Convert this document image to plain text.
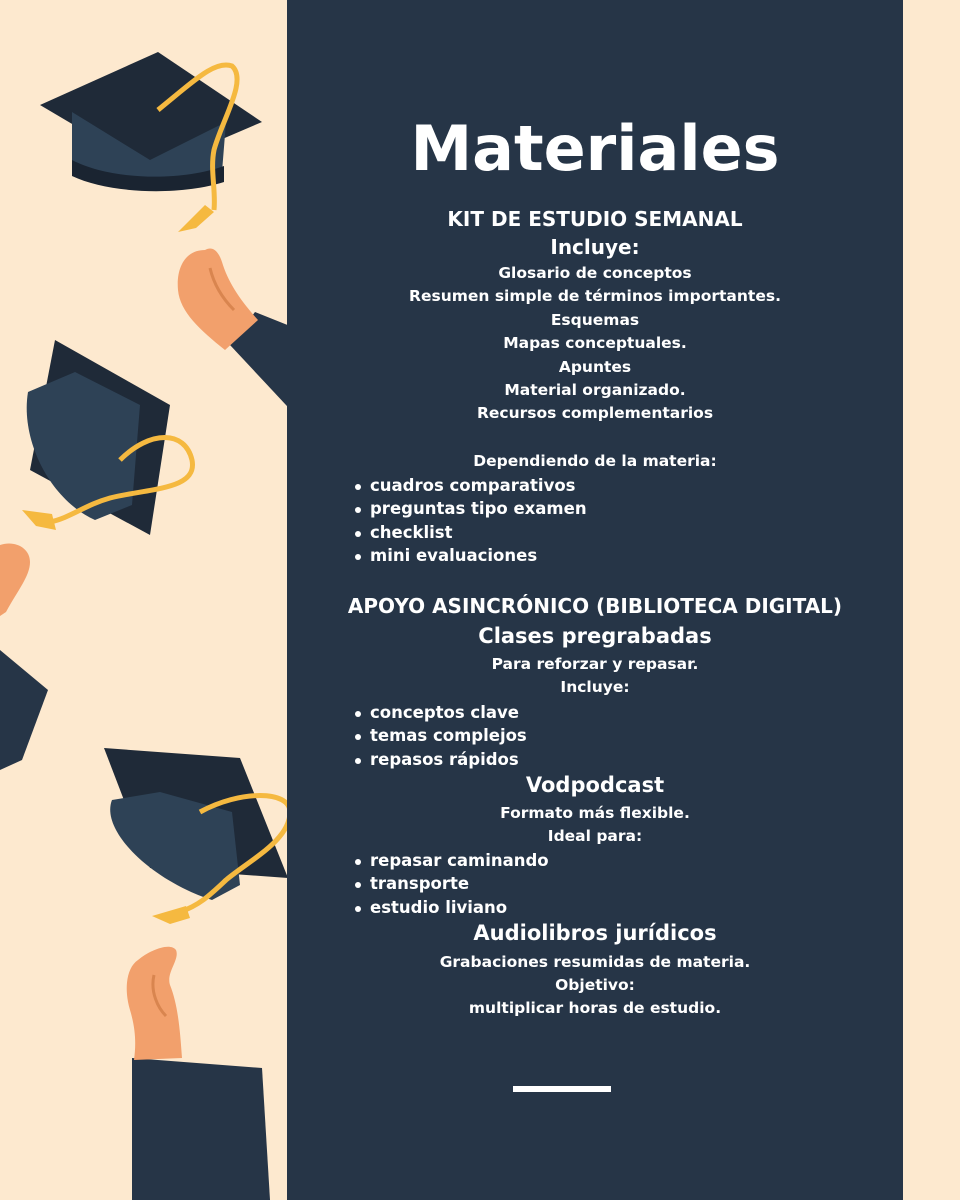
Materiales
KIT DE ESTUDIO SEMANAL
Incluye:
Glosario de conceptos
Resumen simple de términos importantes.
Esquemas
Mapas conceptuales.
Apuntes
Material organizado.
Recursos complementarios
Dependiendo de la materia:
cuadros comparativos
preguntas tipo examen
checklist
mini evaluaciones
APOYO ASINCRÓNICO (BIBLIOTECA DIGITAL)
Clases pregrabadas
Para reforzar y repasar.
Incluye:
conceptos clave
temas complejos
repasos rápidos
Vodpodcast
Formato más flexible.
Ideal para:
repasar caminando
transporte
estudio liviano
Audiolibros jurídicos
Grabaciones resumidas de materia.
Objetivo:
multiplicar horas de estudio.
